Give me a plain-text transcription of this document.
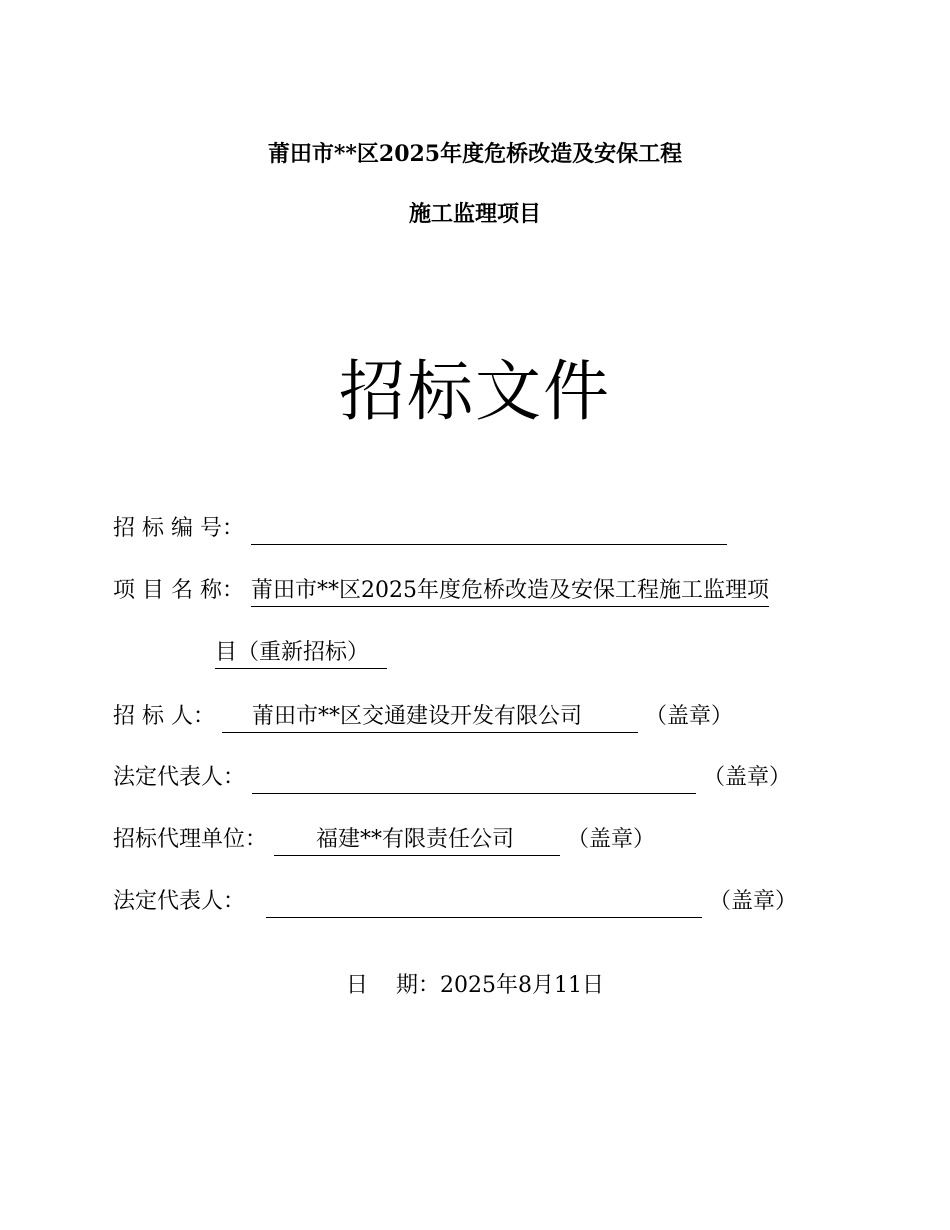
莆田市**区2025年度危桥改造及安保工程
施工监理项目
招标文件
招 标 编 号：
项 目 名 称： 莆田市**区2025年度危桥改造及安保工程施工监理项
目（重新招标）
招 标 人： 莆田市**区交通建设开发有限公司	（盖章）
法定代表人：	（盖章）
招标代理单位： 福建**有限责任公司 （盖章）
法定代表人：	（盖章）
日    期：2025年8月11日
